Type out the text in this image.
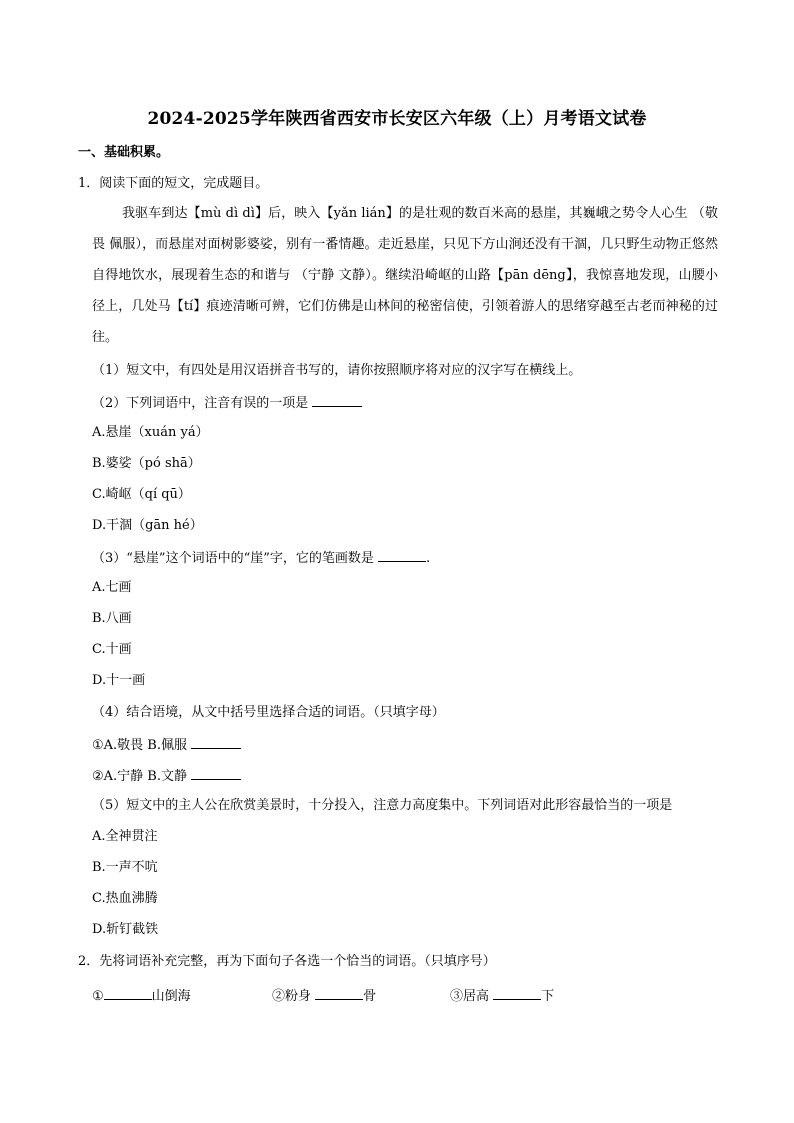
2024-2025学年陕西省西安市长安区六年级（上）月考语文试卷
一、基础积累。
1．阅读下面的短文，完成题目。
我驱车到达【mù dì dì】后，映入【yǎn lián】的是壮观的数百米高的悬崖，其巍峨之势令人心生 （敬畏 佩服），而悬崖对面树影婆娑，别有一番情趣。走近悬崖，只见下方山涧还没有干涸，几只野生动物正悠然自得地饮水，展现着生态的和谐与 （宁静 文静）。继续沿崎岖的山路【pān dēng】，我惊喜地发现，山腰小径上，几处马【tí】痕迹清晰可辨，它们仿佛是山林间的秘密信使，引领着游人的思绪穿越至古老而神秘的过往。
（1）短文中，有四处是用汉语拼音书写的，请你按照顺序将对应的汉字写在横线上。
（2）下列词语中，注音有误的一项是
A.悬崖（xuán yá）
B.婆娑（pó shā）
C.崎岖（qí qū）
D.干涸（gān hé）
（3）“悬崖”这个词语中的“崖”字，它的笔画数是	.
A.七画
B.八画
C.十画
D.十一画
（4）结合语境，从文中括号里选择合适的词语。（只填字母）
①A.敬畏 B.佩服
②A.宁静 B.文静
（5）短文中的主人公在欣赏美景时，十分投入，注意力高度集中。下列词语对此形容最恰当的一项是
A.全神贯注
B.一声不吭
C.热血沸腾
D.斩钉截铁
2．先将词语补充完整，再为下面句子各选一个恰当的词语。（只填序号）
①	山倒海	②粉身	骨	③居高	下
